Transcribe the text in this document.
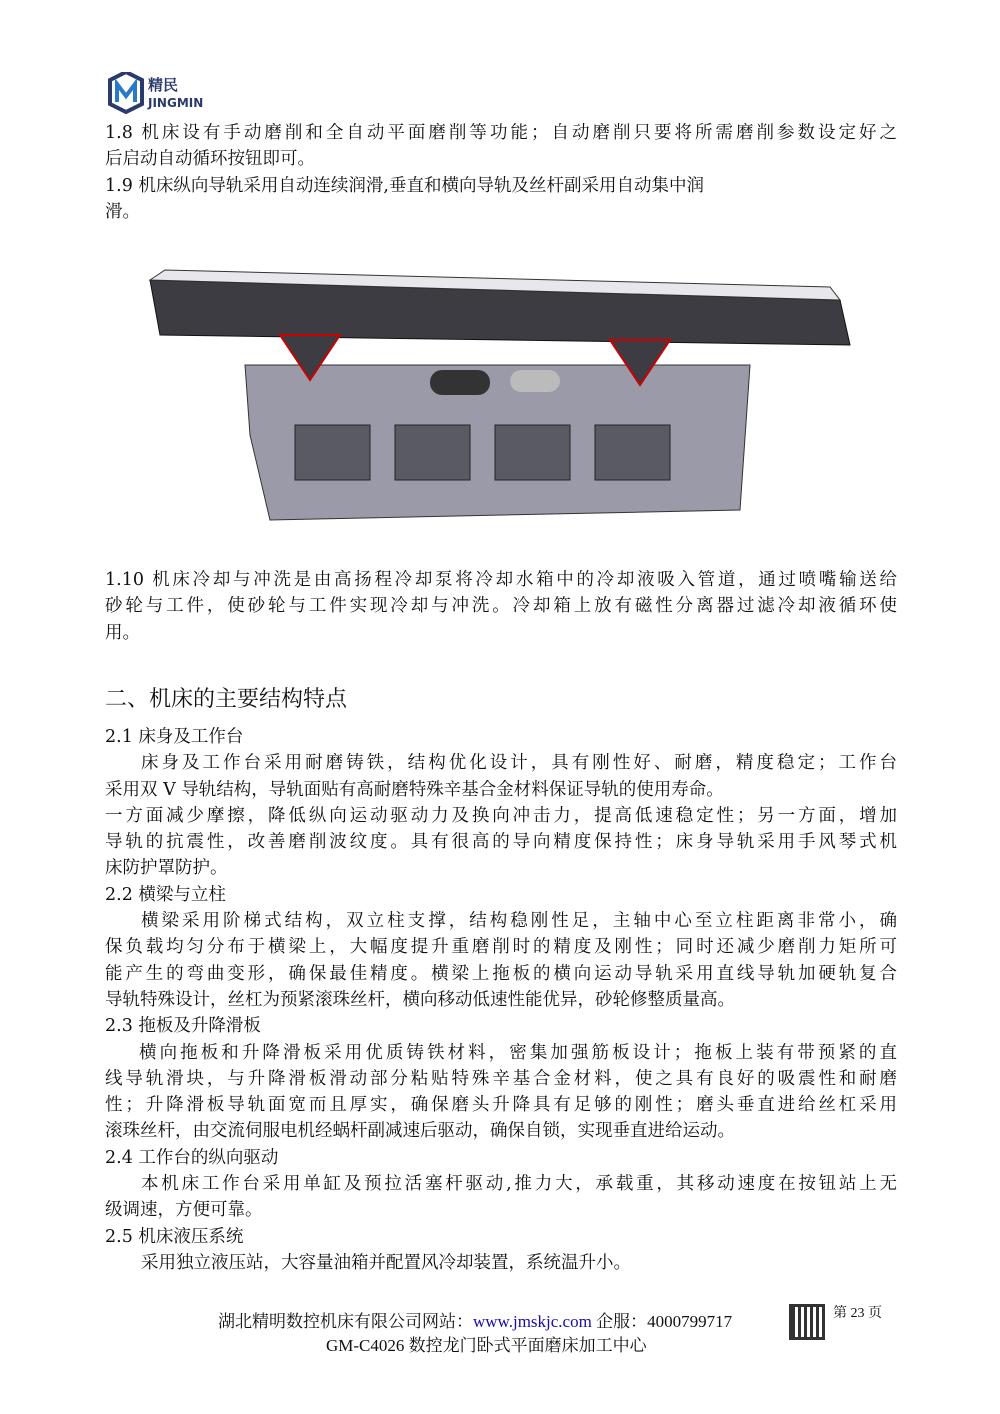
精民
JINGMIN
1.8 机床设有手动磨削和全自动平面磨削等功能；自动磨削只要将所需磨削参数设定好之
后启动自动循环按钮即可。
1.9 机床纵向导轨采用自动连续润滑,垂直和横向导轨及丝杆副采用自动集中润
滑。
1.10 机床冷却与冲洗是由高扬程冷却泵将冷却水箱中的冷却液吸入管道，通过喷嘴输送给
砂轮与工件，使砂轮与工件实现冷却与冲洗。冷却箱上放有磁性分离器过滤冷却液循环使
用。
二、机床的主要结构特点
2.1 床身及工作台
床身及工作台采用耐磨铸铁，结构优化设计，具有刚性好、耐磨，精度稳定；工作台
采用双 V 导轨结构，导轨面贴有高耐磨特殊辛基合金材料保证导轨的使用寿命。
一方面减少摩擦，降低纵向运动驱动力及换向冲击力，提高低速稳定性；另一方面，增加
导轨的抗震性，改善磨削波纹度。具有很高的导向精度保持性；床身导轨采用手风琴式机
床防护罩防护。
2.2 横梁与立柱
横梁采用阶梯式结构，双立柱支撑，结构稳刚性足，主轴中心至立柱距离非常小，确
保负载均匀分布于横梁上，大幅度提升重磨削时的精度及刚性；同时还减少磨削力矩所可
能产生的弯曲变形，确保最佳精度。横梁上拖板的横向运动导轨采用直线导轨加硬轨复合
导轨特殊设计，丝杠为预紧滚珠丝杆，横向移动低速性能优异，砂轮修整质量高。
2.3 拖板及升降滑板
横向拖板和升降滑板采用优质铸铁材料，密集加强筋板设计；拖板上装有带预紧的直
线导轨滑块，与升降滑板滑动部分粘贴特殊辛基合金材料，使之具有良好的吸震性和耐磨
性；升降滑板导轨面宽而且厚实，确保磨头升降具有足够的刚性；磨头垂直进给丝杠采用
滚珠丝杆，由交流伺服电机经蜗杆副减速后驱动，确保自锁，实现垂直进给运动。
2.4 工作台的纵向驱动
本机床工作台采用单缸及预拉活塞杆驱动,推力大，承载重，其移动速度在按钮站上无
级调速，方便可靠。
2.5 机床液压系统
采用独立液压站，大容量油箱并配置风冷却装置，系统温升小。
湖北精明数控机床有限公司网站：www.jmskjc.com 企服：4000799717	第 23 页
GM-C4026 数控龙门卧式平面磨床加工中心
